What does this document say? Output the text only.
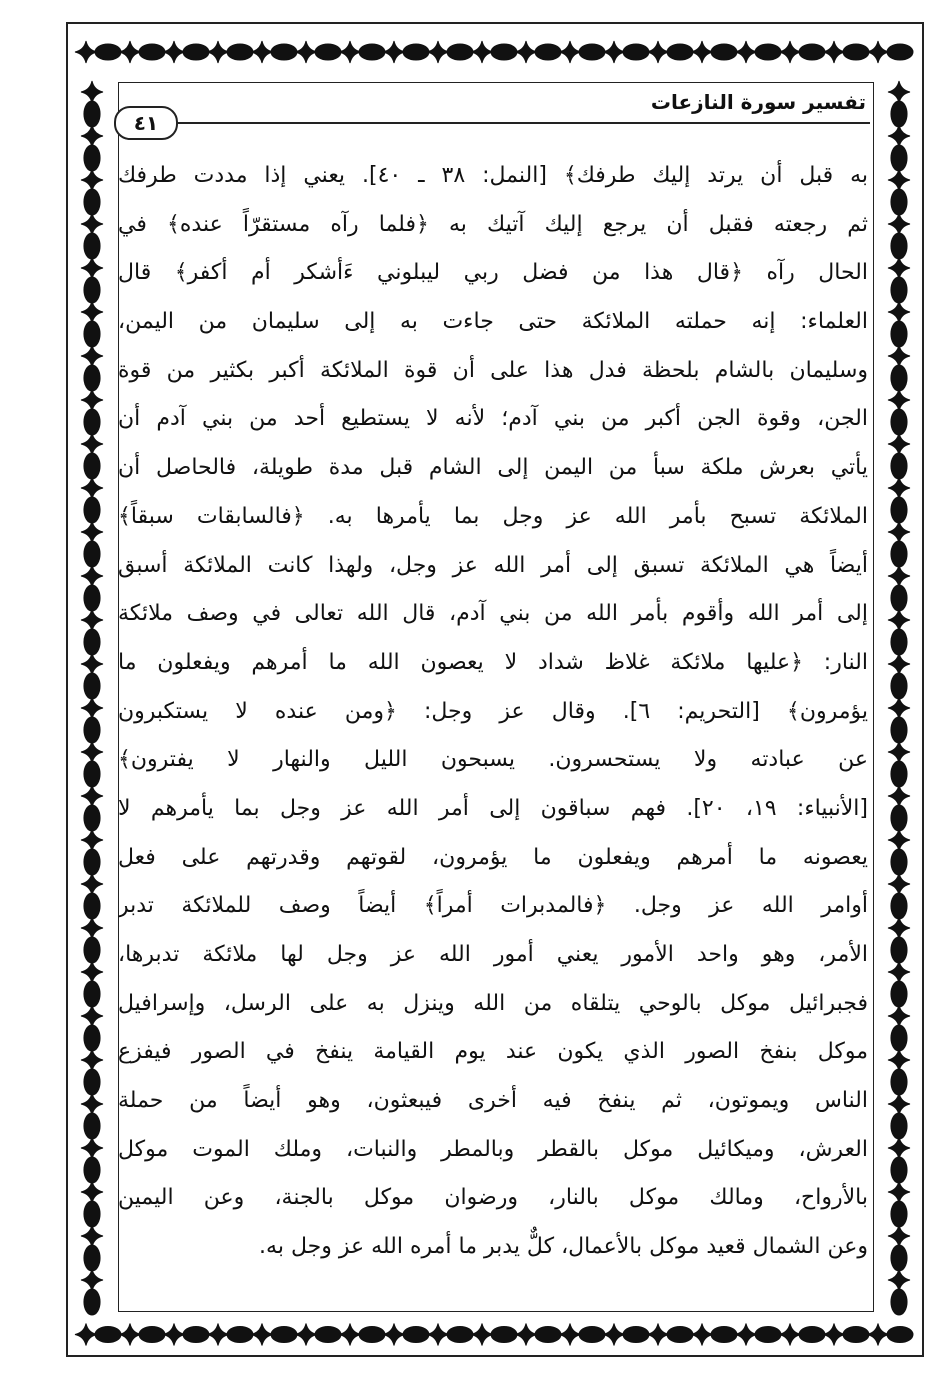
تفسير سورة النازعات
٤١
به قبل أن يرتد إليك طرفك﴾ [النمل: ٣٨ ـ ٤٠]. يعني إذا مددت طرفك
ثم رجعته فقبل أن يرجع إليك آتيك به ﴿فلما رآه مستقرّاً عنده﴾ في
الحال رآه ﴿قال هذا من فضل ربي ليبلوني ءَأشكر أم أكفر﴾ قال
العلماء: إنه حملته الملائكة حتى جاءت به إلى سليمان من اليمن،
وسليمان بالشام بلحظة فدل هذا على أن قوة الملائكة أكبر بكثير من قوة
الجن، وقوة الجن أكبر من بني آدم؛ لأنه لا يستطيع أحد من بني آدم أن
يأتي بعرش ملكة سبأ من اليمن إلى الشام قبل مدة طويلة، فالحاصل أن
الملائكة تسبح بأمر الله عز وجل بما يأمرها به. ﴿فالسابقات سبقاً﴾
أيضاً هي الملائكة تسبق إلى أمر الله عز وجل، ولهذا كانت الملائكة أسبق
إلى أمر الله وأقوم بأمر الله من بني آدم، قال الله تعالى في وصف ملائكة
النار: ﴿عليها ملائكة غلاظ شداد لا يعصون الله ما أمرهم ويفعلون ما
يؤمرون﴾ [التحريم: ٦]. وقال عز وجل: ﴿ومن عنده لا يستكبرون
عن عبادته ولا يستحسرون. يسبحون الليل والنهار لا يفترون﴾
[الأنبياء: ١٩، ٢٠]. فهم سباقون إلى أمر الله عز وجل بما يأمرهم لا
يعصونه ما أمرهم ويفعلون ما يؤمرون، لقوتهم وقدرتهم على فعل
أوامر الله عز وجل. ﴿فالمدبرات أمراً﴾ أيضاً وصف للملائكة تدبر
الأمر، وهو واحد الأمور يعني أمور الله عز وجل لها ملائكة تدبرها،
فجبرائيل موكل بالوحي يتلقاه من الله وينزل به على الرسل، وإسرافيل
موكل بنفخ الصور الذي يكون عند يوم القيامة ينفخ في الصور فيفزع
الناس ويموتون، ثم ينفخ فيه أخرى فيبعثون، وهو أيضاً من حملة
العرش، وميكائيل موكل بالقطر وبالمطر والنبات، وملك الموت موكل
بالأرواح، ومالك موكل بالنار، ورضوان موكل بالجنة، وعن اليمين
وعن الشمال قعيد موكل بالأعمال، كلٌّ يدبر ما أمره الله عز وجل به.
